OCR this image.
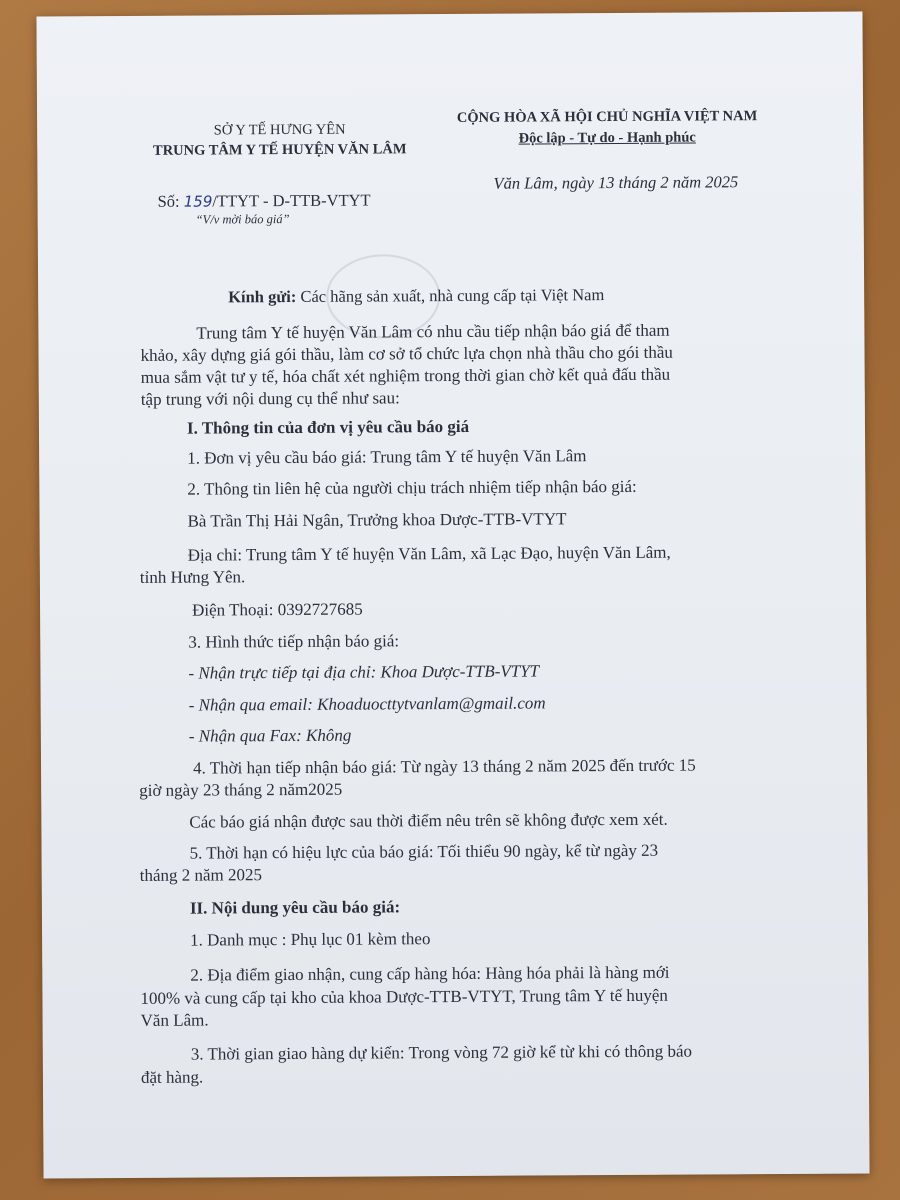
SỞ Y TẾ HƯNG YÊN
TRUNG TÂM Y TẾ HUYỆN VĂN LÂM
CỘNG HÒA XÃ HỘI CHỦ NGHĨA VIỆT NAM
Độc lập - Tự do - Hạnh phúc
Số: 159/TTYT - D-TTB-VTYT
“V/v mời báo giá”
Văn Lâm, ngày 13 tháng 2 năm 2025
Kính gửi: Các hãng sản xuất, nhà cung cấp tại Việt Nam
Trung tâm Y tế huyện Văn Lâm có nhu cầu tiếp nhận báo giá để tham
khảo, xây dựng giá gói thầu, làm cơ sở tổ chức lựa chọn nhà thầu cho gói thầu
mua sắm vật tư y tế, hóa chất xét nghiệm trong thời gian chờ kết quả đấu thầu
tập trung với nội dung cụ thể như sau:
I. Thông tin của đơn vị yêu cầu báo giá
1. Đơn vị yêu cầu báo giá: Trung tâm Y tế huyện Văn Lâm
2. Thông tin liên hệ của người chịu trách nhiệm tiếp nhận báo giá:
Bà Trần Thị Hải Ngân, Trưởng khoa Dược-TTB-VTYT
Địa chỉ: Trung tâm Y tế huyện Văn Lâm, xã Lạc Đạo, huyện Văn Lâm,
tỉnh Hưng Yên.
Điện Thoại: 0392727685
3. Hình thức tiếp nhận báo giá:
- Nhận trực tiếp tại địa chỉ: Khoa Dược-TTB-VTYT
- Nhận qua email: Khoaduocttytvanlam@gmail.com
- Nhận qua Fax: Không
4. Thời hạn tiếp nhận báo giá: Từ ngày 13 tháng 2 năm 2025 đến trước 15
giờ ngày 23 tháng 2 năm2025
Các báo giá nhận được sau thời điểm nêu trên sẽ không được xem xét.
5. Thời hạn có hiệu lực của báo giá: Tối thiểu 90 ngày, kể từ ngày 23
tháng 2 năm 2025
II. Nội dung yêu cầu báo giá:
1. Danh mục : Phụ lục 01 kèm theo
2. Địa điểm giao nhận, cung cấp hàng hóa: Hàng hóa phải là hàng mới
100% và cung cấp tại kho của khoa Dược-TTB-VTYT, Trung tâm Y tế huyện
Văn Lâm.
3. Thời gian giao hàng dự kiến: Trong vòng 72 giờ kể từ khi có thông báo
đặt hàng.
